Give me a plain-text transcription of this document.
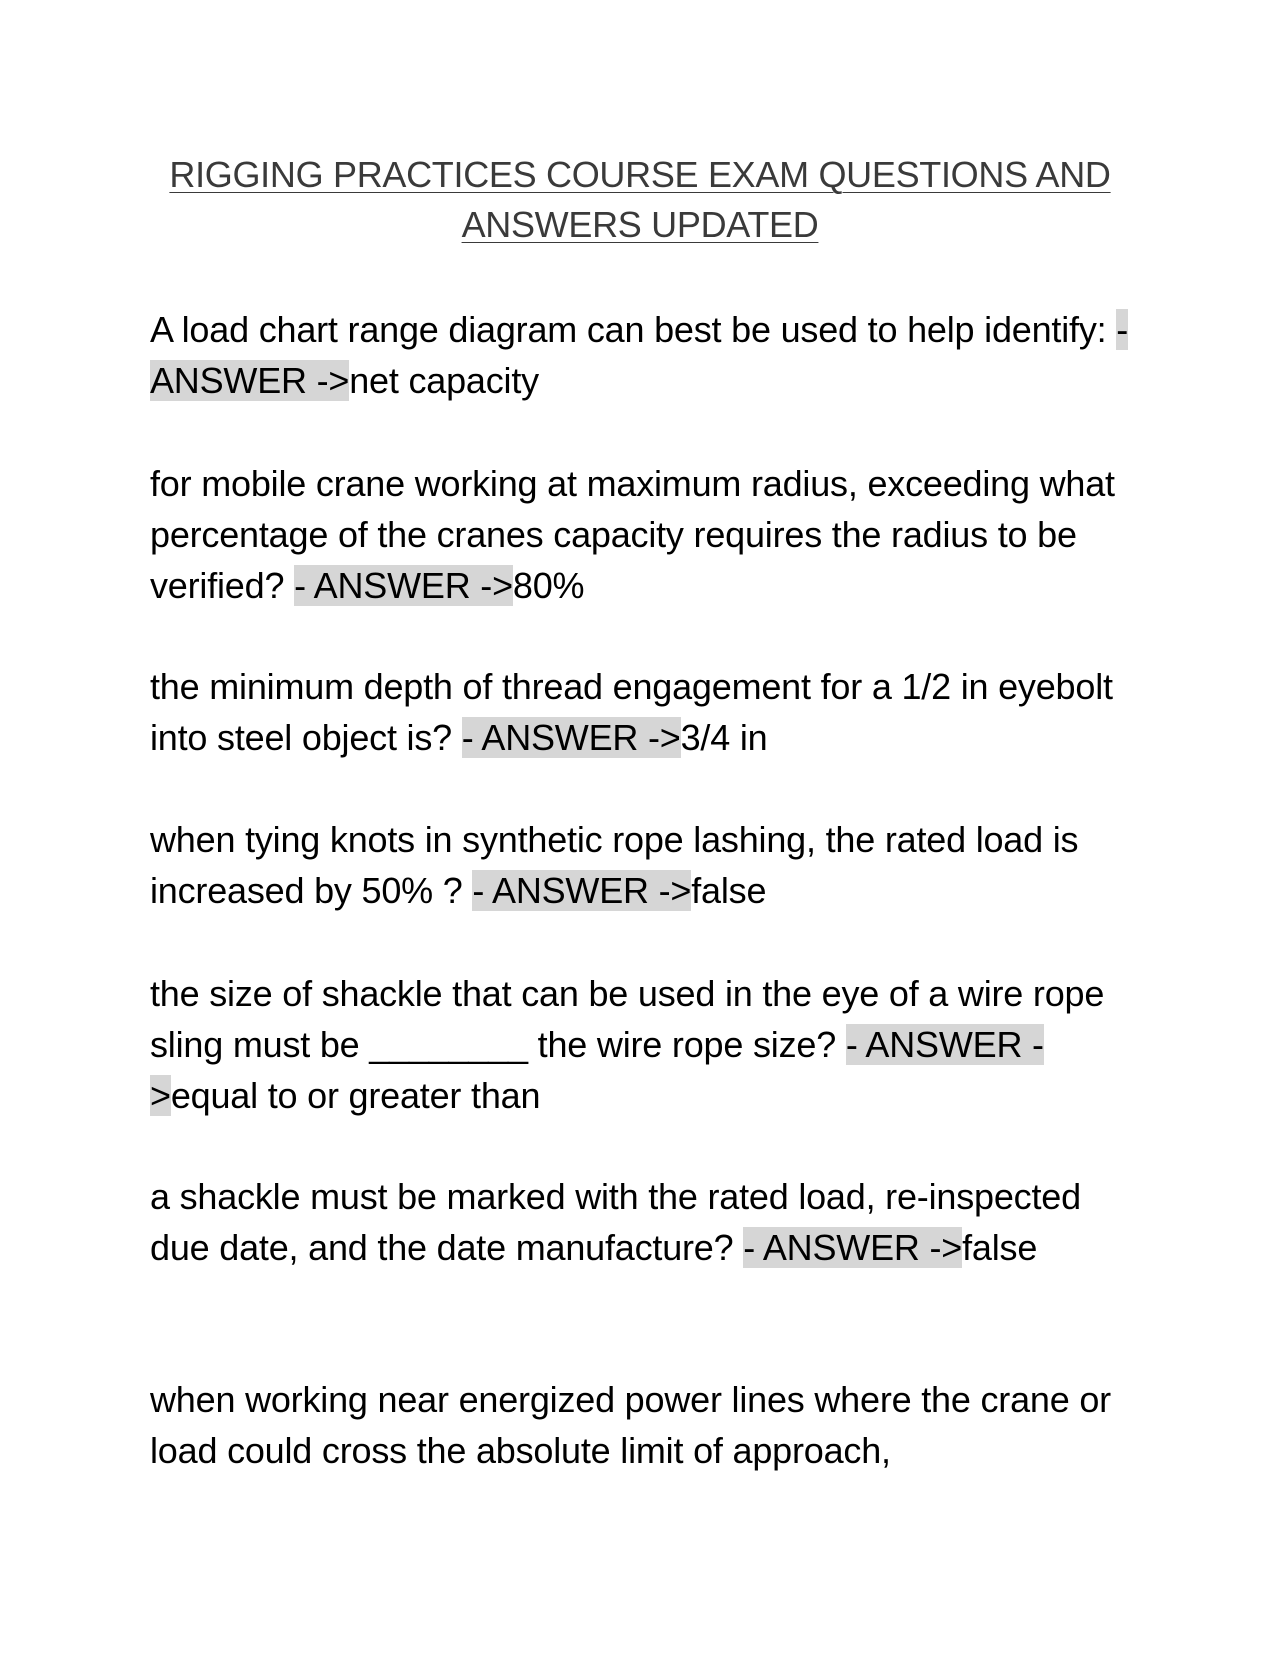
RIGGING PRACTICES COURSE EXAM QUESTIONS AND
ANSWERS UPDATED
A load chart range diagram can best be used to help identify: - ANSWER ->net capacity
for mobile crane working at maximum radius, exceeding what percentage of the cranes capacity requires the radius to be verified? - ANSWER ->80%
the minimum depth of thread engagement for a 1/2 in eyebolt into steel object is? - ANSWER ->3/4 in
when tying knots in synthetic rope lashing, the rated load is increased by 50% ? - ANSWER ->false
the size of shackle that can be used in the eye of a wire rope sling must be ________ the wire rope size? - ANSWER ->equal to or greater than
a shackle must be marked with the rated load, re-inspected due date, and the date manufacture? - ANSWER ->false
when working near energized power lines where the crane or load could cross the absolute limit of approach,
